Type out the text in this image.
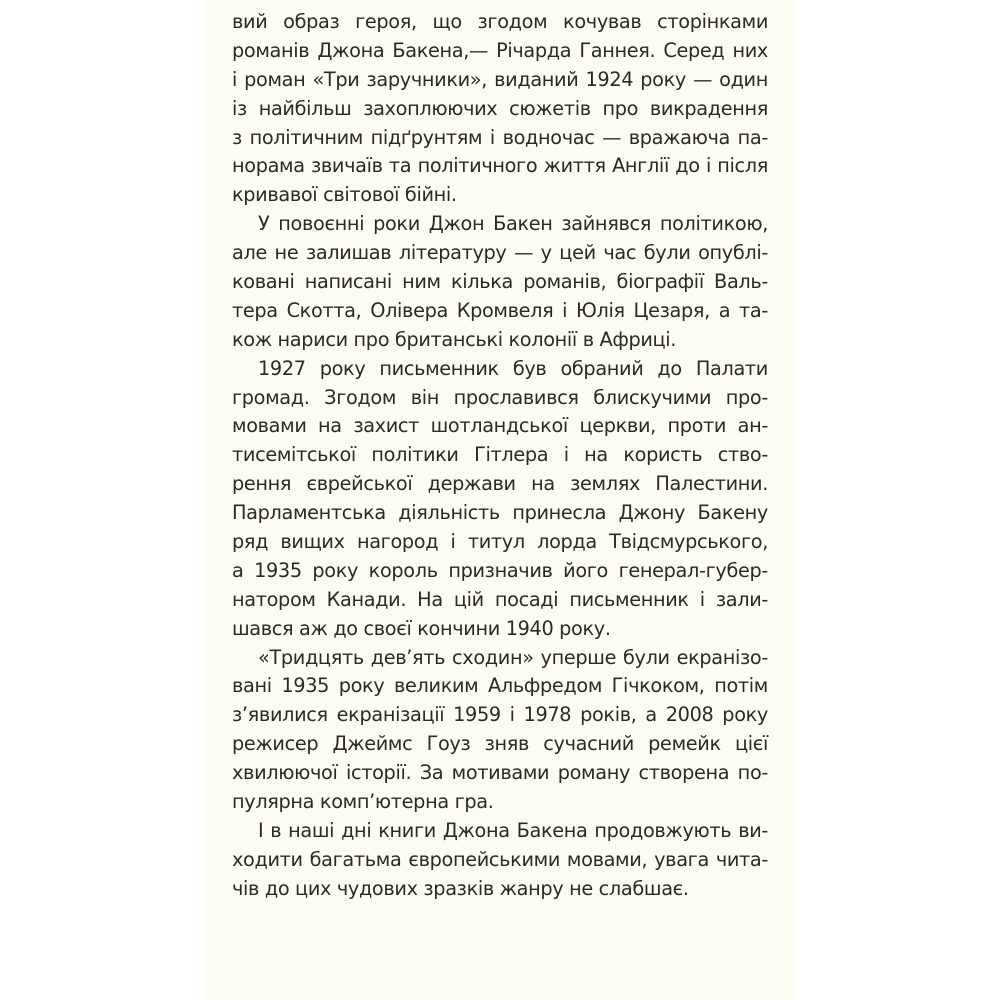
вий образ героя, що згодом кочував сторінками
романів Джона Бакена,— Річарда Ганнея. Серед них
і роман «Три заручники», виданий 1924 року — один
із найбільш захоплюючих сюжетів про викрадення
з політичним підґрунтям і водночас — вражаюча па-
норама звичаїв та політичного життя Англії до і після
кривавої світової бійні.
У повоєнні роки Джон Бакен зайнявся політикою,
але не залишав літературу — у цей час були опублі-
ковані написані ним кілька романів, біографії Валь-
тера Скотта, Олівера Кромвеля і Юлія Цезаря, а та-
кож нариси про британські колонії в Африці.
1927 року письменник був обраний до Палати
громад. Згодом він прославився блискучими про-
мовами на захист шотландської церкви, проти ан-
тисемітської політики Гітлера і на користь ство-
рення єврейської держави на землях Палестини.
Парламентська діяльність принесла Джону Бакену
ряд вищих нагород і титул лорда Твідсмурського,
а 1935 року король призначив його генерал-губер-
натором Канади. На цій посаді письменник і зали-
шався аж до своєї кончини 1940 року.
«Тридцять дев’ять сходин» уперше були екранізо-
вані 1935 року великим Альфредом Гічкоком, потім
з’явилися екранізації 1959 і 1978 років, а 2008 року
режисер Джеймс Гоуз зняв сучасний ремейк цієї
хвилюючої історії. За мотивами роману створена по-
пулярна комп’ютерна гра.
І в наші дні книги Джона Бакена продовжують ви-
ходити багатьма європейськими мовами, увага чита-
чів до цих чудових зразків жанру не слабшає.
